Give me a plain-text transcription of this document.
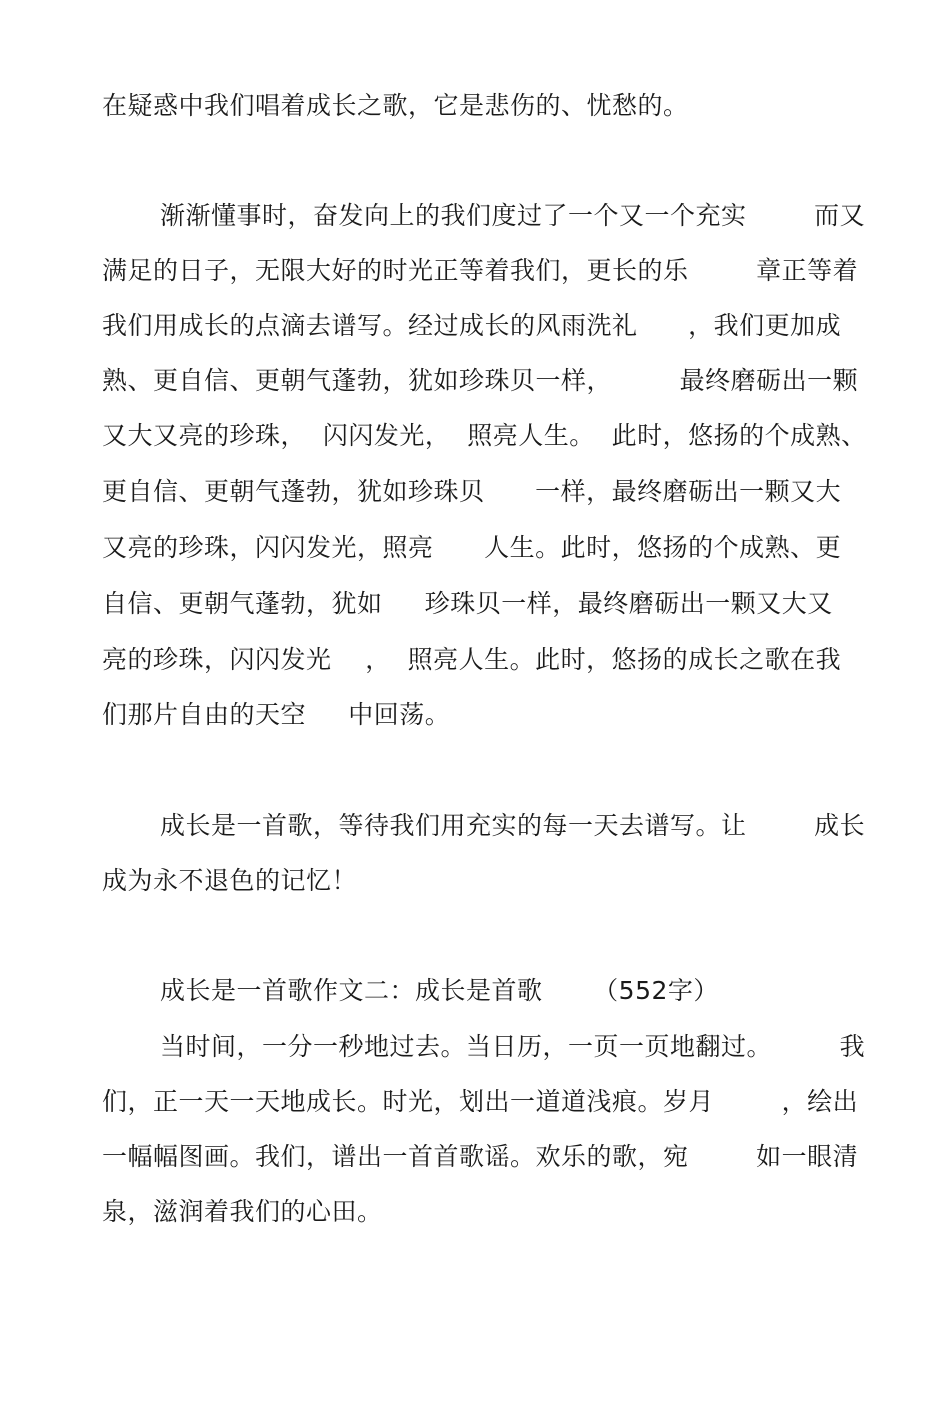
在疑惑中我们唱着成长之歌，它是悲伤的、忧愁的。
渐渐懂事时，奋发向上的我们度过了一个又一个充实        而又
满足的日子，无限大好的时光正等着我们，更长的乐        章正等着
我们用成长的点滴去谱写。经过成长的风雨洗礼      ，我们更加成
熟、更自信、更朝气蓬勃，犹如珍珠贝一样，        最终磨砺出一颗
又大又亮的珍珠，  闪闪发光，  照亮人生。  此时，悠扬的个成熟、
更自信、更朝气蓬勃，犹如珍珠贝      一样，最终磨砺出一颗又大
又亮的珍珠，闪闪发光，照亮      人生。此时，悠扬的个成熟、更
自信、更朝气蓬勃，犹如     珍珠贝一样，最终磨砺出一颗又大又
亮的珍珠，闪闪发光    ，  照亮人生。此时，悠扬的成长之歌在我
们那片自由的天空     中回荡。
成长是一首歌，等待我们用充实的每一天去谱写。让        成长
成为永不退色的记忆！
成长是一首歌作文二：成长是首歌      （552字）
当时间，一分一秒地过去。当日历，一页一页地翻过。        我
们，正一天一天地成长。时光，划出一道道浅痕。岁月        ，绘出
一幅幅图画。我们，谱出一首首歌谣。欢乐的歌，宛        如一眼清
泉，滋润着我们的心田。
